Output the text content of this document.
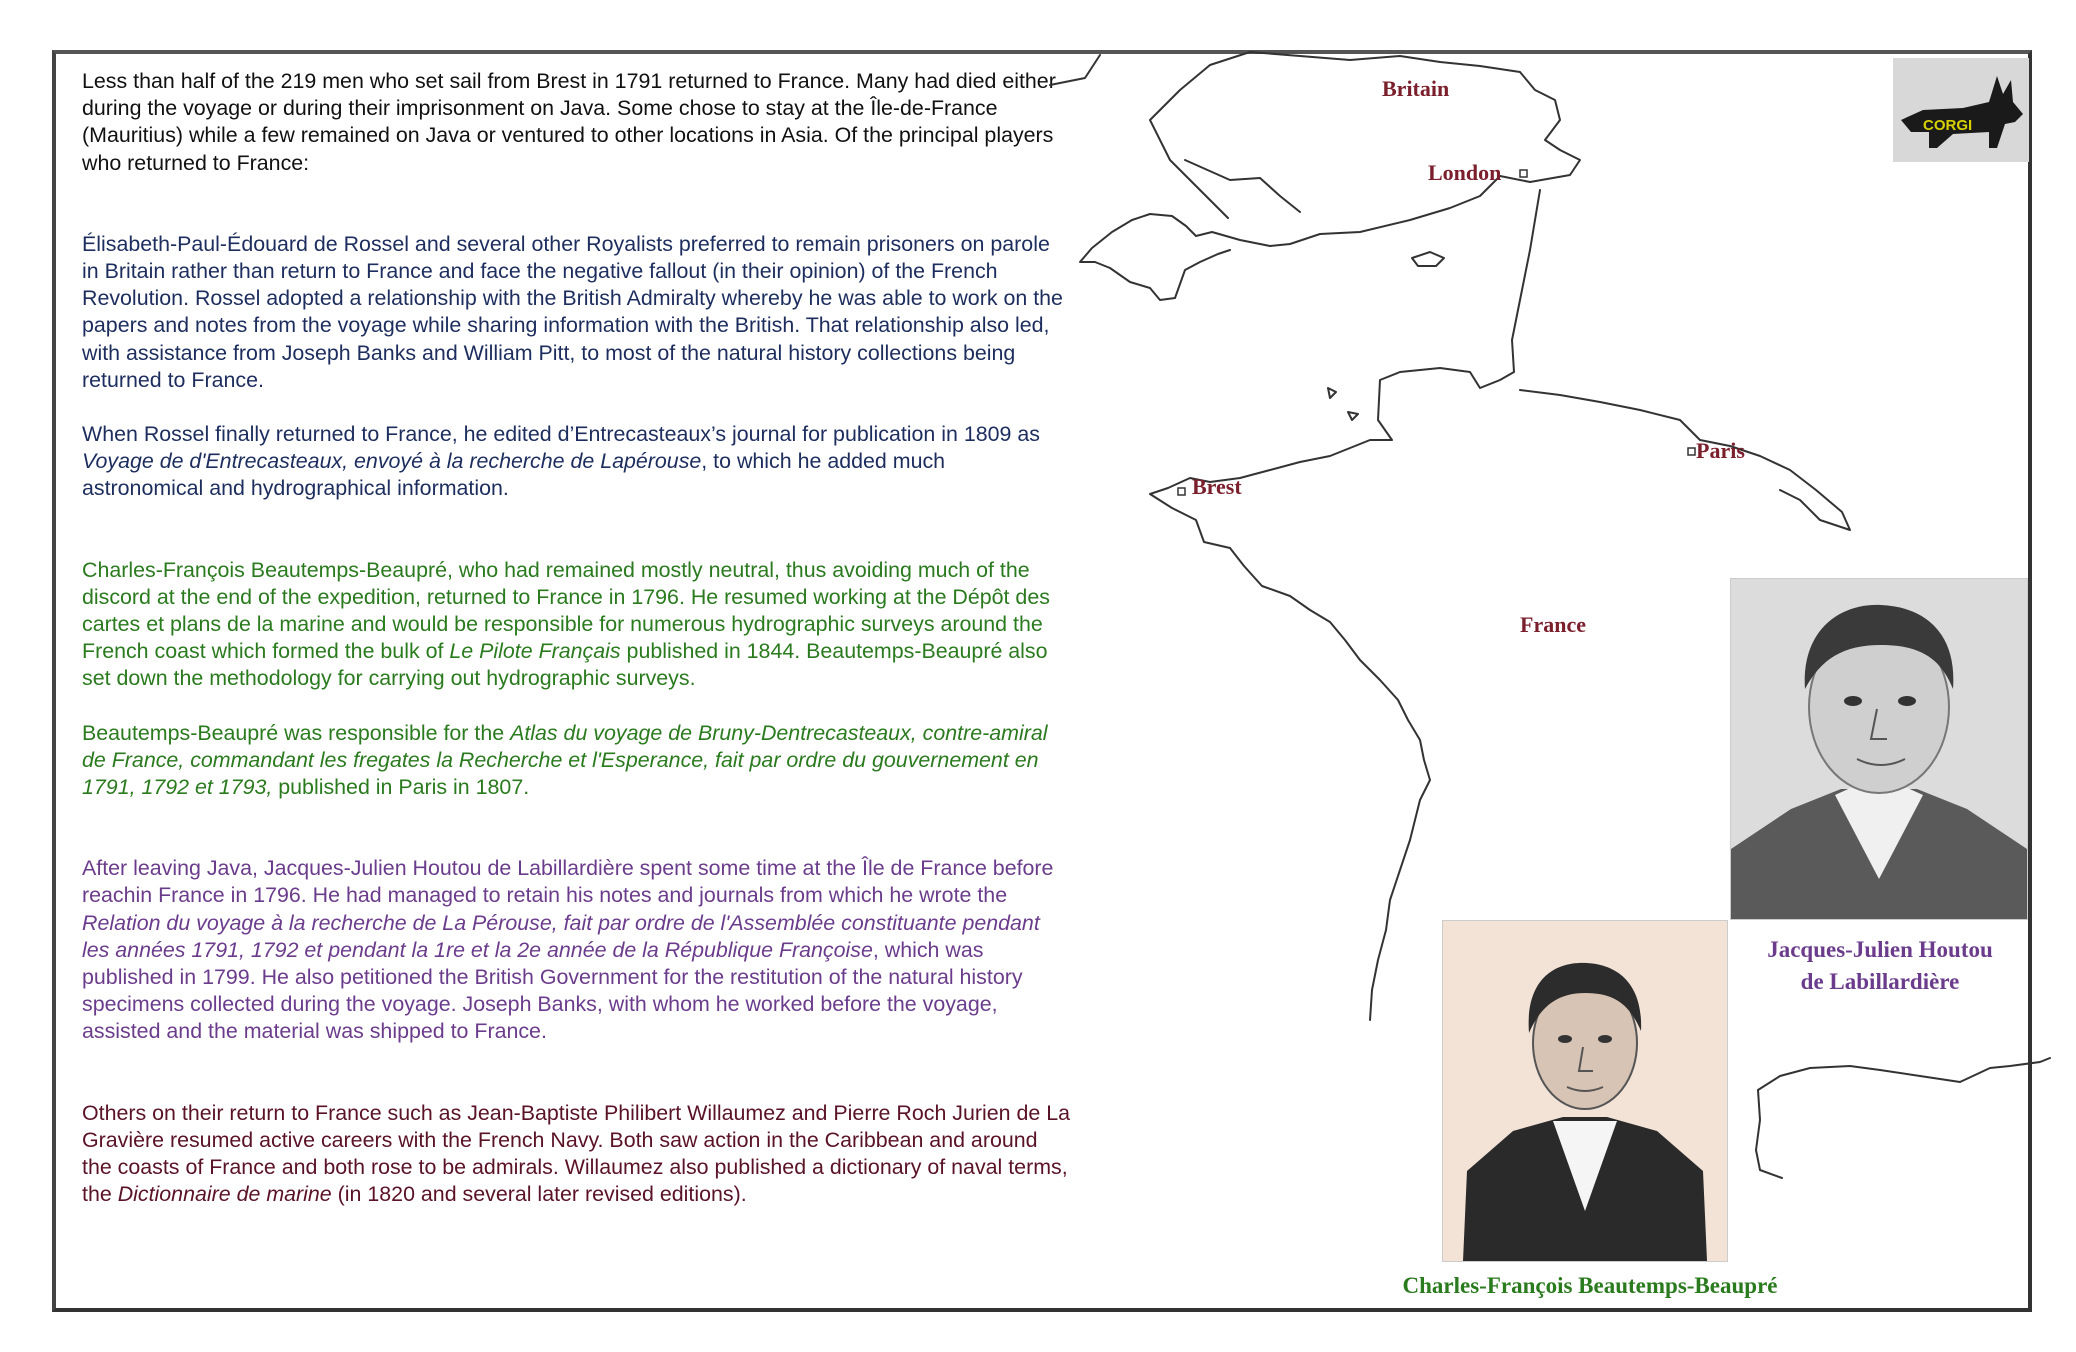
Less than half of the 219 men who set sail from Brest in 1791 returned to France. Many had died either during the voyage or during their imprisonment on Java. Some chose to stay at the Île-de-France (Mauritius) while a few remained on Java or ventured to other locations in Asia. Of the principal players who returned to France:

Élisabeth-Paul-Édouard de Rossel and several other Royalists preferred to remain prisoners on parole in Britain rather than return to France and face the negative fallout (in their opinion) of the French Revolution. Rossel adopted a relationship with the British Admiralty whereby he was able to work on the papers and notes from the voyage while sharing information with the British. That relationship also led, with assistance from Joseph Banks and William Pitt, to most of the natural history collections being returned to France.

When Rossel finally returned to France, he edited d’Entrecasteaux’s journal for publication in 1809 as Voyage de d'Entrecasteaux, envoyé à la recherche de Lapérouse, to which he added much astronomical and hydrographical information.

Charles-François Beautemps-Beaupré, who had remained mostly neutral, thus avoiding much of the discord at the end of the expedition, returned to France in 1796. He resumed working at the Dépôt des cartes et plans de la marine and would be responsible for numerous hydrographic surveys around the French coast which formed the bulk of Le Pilote Français published in 1844. Beautemps-Beaupré also set down the methodology for carrying out hydrographic surveys.

Beautemps-Beaupré was responsible for the Atlas du voyage de Bruny-Dentrecasteaux, contre-amiral de France, commandant les fregates la Recherche et l'Esperance, fait par ordre du gouvernement en 1791, 1792 et 1793, published in Paris in 1807.

After leaving Java, Jacques-Julien Houtou de Labillardière spent some time at the Île de France before reachin France in 1796. He had managed to retain his notes and journals from which he wrote the Relation du voyage à la recherche de La Pérouse, fait par ordre de l'Assemblée constituante pendant les années 1791, 1792 et pendant la 1re et la 2e année de la République Françoise, which was published in 1799. He also petitioned the British Government for the restitution of the natural history specimens collected during the voyage. Joseph Banks, with whom he worked before the voyage, assisted and the material was shipped to France.

Others on their return to France such as Jean-Baptiste Philibert Willaumez and Pierre Roch Jurien de La Gravière resumed active careers with the French Navy. Both saw action in the Caribbean and around the coasts of France and both rose to be admirals. Willaumez also published a dictionary of naval terms, the Dictionnaire de marine (in 1820 and several later revised editions).

Britain
London
Paris
Brest
France
CORGI
Jacques-Julien Houtou
de Labillardière
Charles-François Beautemps-Beaupré
